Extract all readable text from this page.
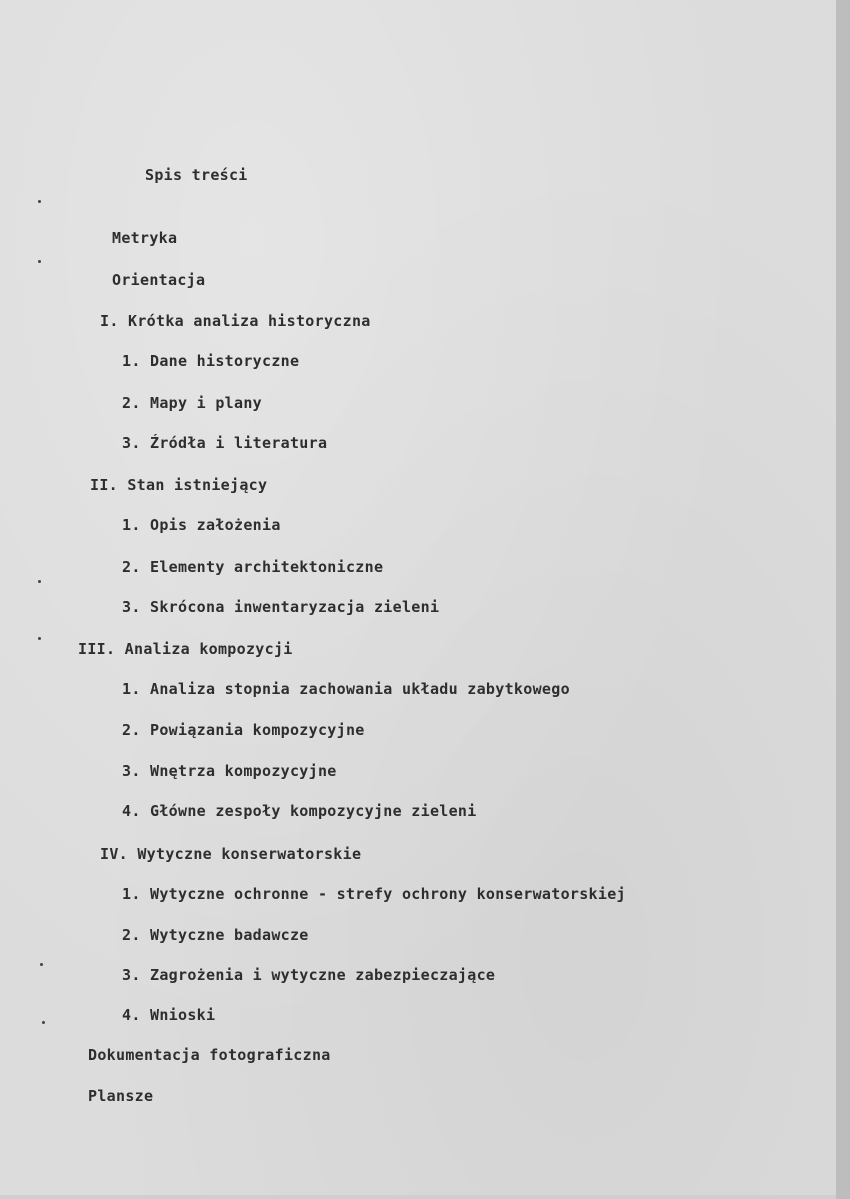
Spis treści

Metryka

Orientacja

I. Krótka analiza historyczna

1. Dane historyczne

2. Mapy i plany

3. Źródła i literatura

II. Stan istniejący

1. Opis założenia

2. Elementy architektoniczne

3. Skrócona inwentaryzacja zieleni

III. Analiza kompozycji

1. Analiza stopnia zachowania układu zabytkowego

2. Powiązania kompozycyjne

3. Wnętrza kompozycyjne

4. Główne zespoły kompozycyjne zieleni

IV. Wytyczne konserwatorskie

1. Wytyczne ochronne - strefy ochrony konserwatorskiej

2. Wytyczne badawcze

3. Zagrożenia i wytyczne zabezpieczające

4. Wnioski

Dokumentacja fotograficzna

Plansze
